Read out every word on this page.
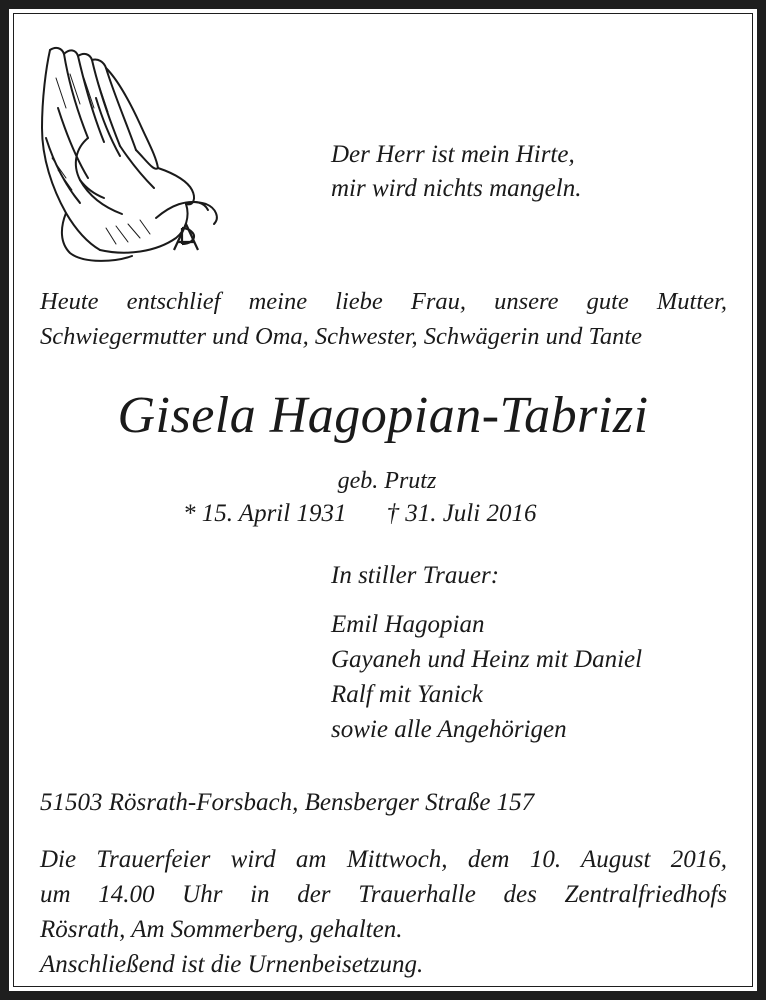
Der Herr ist mein Hirte,
mir wird nichts mangeln.
Heute entschlief meine liebe Frau, unsere gute Mutter,
Schwiegermutter und Oma, Schwester, Schwägerin und Tante
Gisela Hagopian-Tabrizi
geb. Prutz
* 15. April 1931 † 31. Juli 2016
In stiller Trauer:
Emil Hagopian
Gayaneh und Heinz mit Daniel
Ralf mit Yanick
sowie alle Angehörigen
51503 Rösrath-Forsbach, Bensberger Straße 157
Die Trauerfeier wird am Mittwoch, dem 10. August 2016,
um 14.00 Uhr in der Trauerhalle des Zentralfriedhofs
Rösrath, Am Sommerberg, gehalten.
Anschließend ist die Urnenbeisetzung.
